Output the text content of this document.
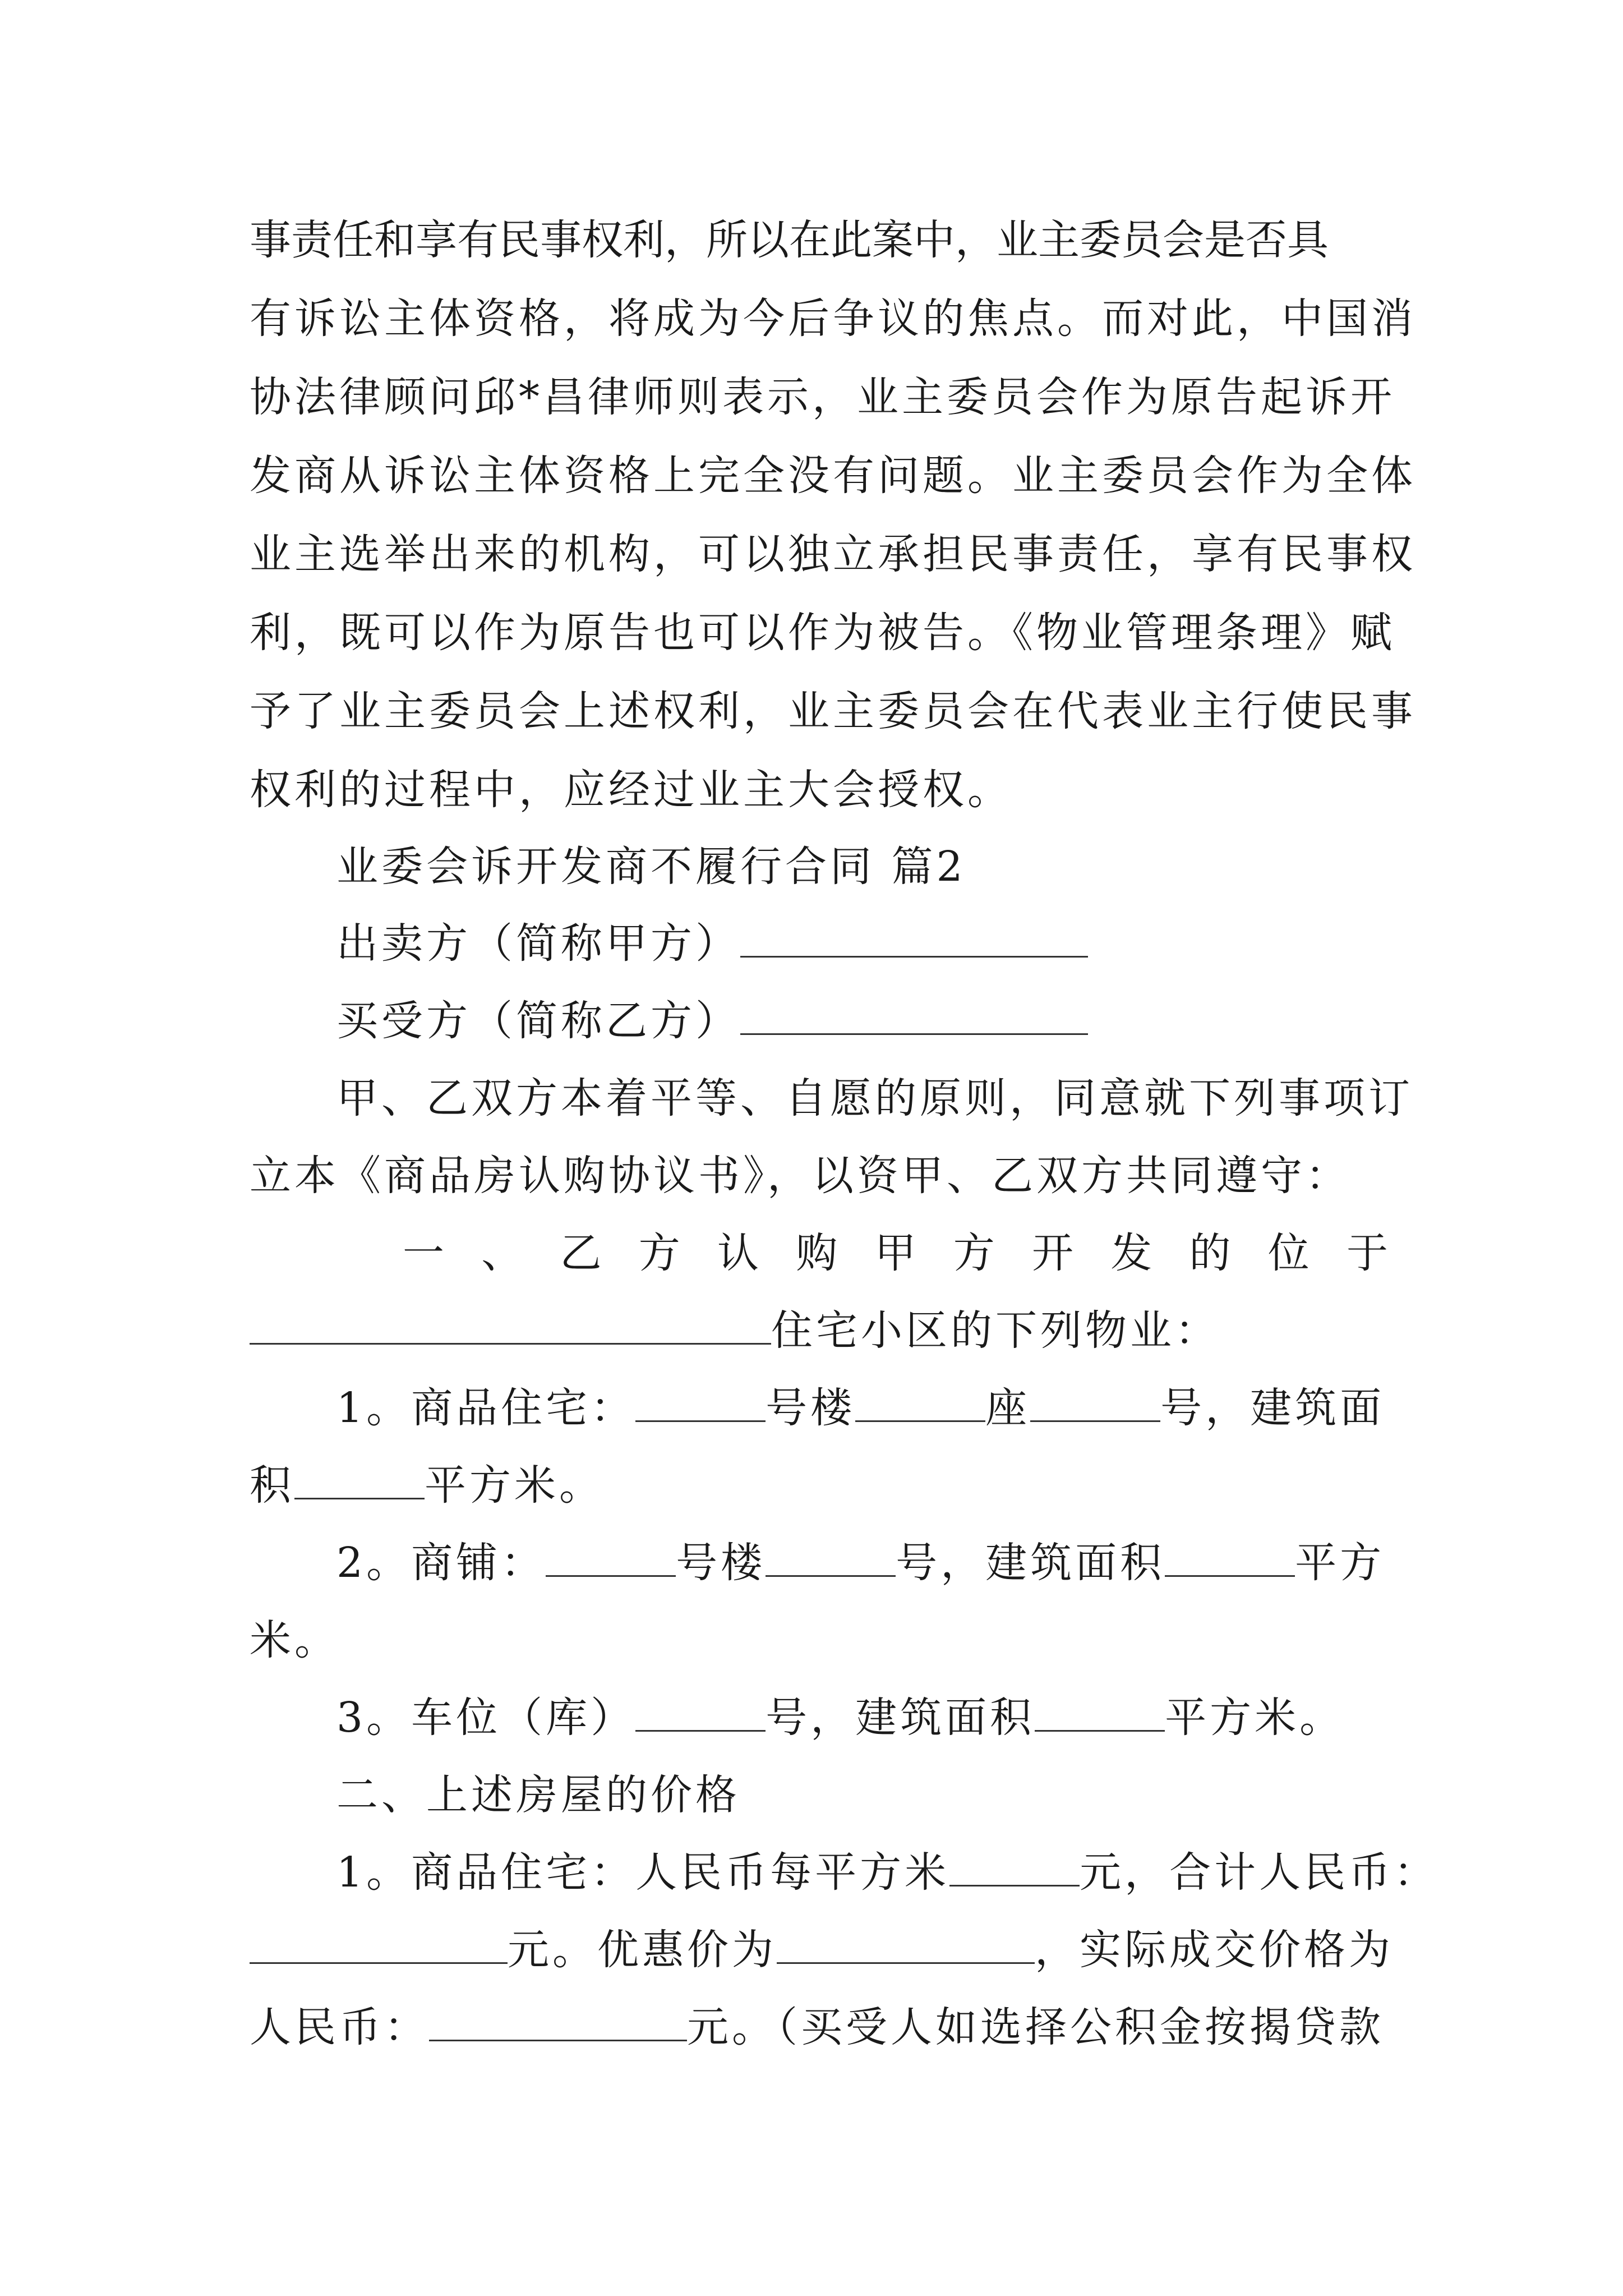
事责任和享有民事权利，所以在此案中，业主委员会是否具
有诉讼主体资格，将成为今后争议的焦点。而对此，中国消
协法律顾问邱*昌律师则表示，业主委员会作为原告起诉开
发商从诉讼主体资格上完全没有问题。业主委员会作为全体
业主选举出来的机构，可以独立承担民事责任，享有民事权
利，既可以作为原告也可以作为被告。《物业管理条理》赋
予了业主委员会上述权利，业主委员会在代表业主行使民事
权利的过程中，应经过业主大会授权。
业委会诉开发商不履行合同 篇2
出卖方（简称甲方）
买受方（简称乙方）
甲、乙双方本着平等、自愿的原则，同意就下列事项订
立本《商品房认购协议书》，以资甲、乙双方共同遵守：
一 、 乙 方 认 购 甲 方 开 发 的 位 于
住宅小区的下列物业：
1。商品住宅：	号楼	座	号，建筑面
积	平方米。
2。商铺：	号楼	号，建筑面积	平方
米。
3。车位（库）	号，建筑面积	平方米。
二、上述房屋的价格
1。商品住宅：人民币每平方米	元，合计人民币：
元。优惠价为	，实际成交价格为
人民币：	元。（买受人如选择公积金按揭贷款
